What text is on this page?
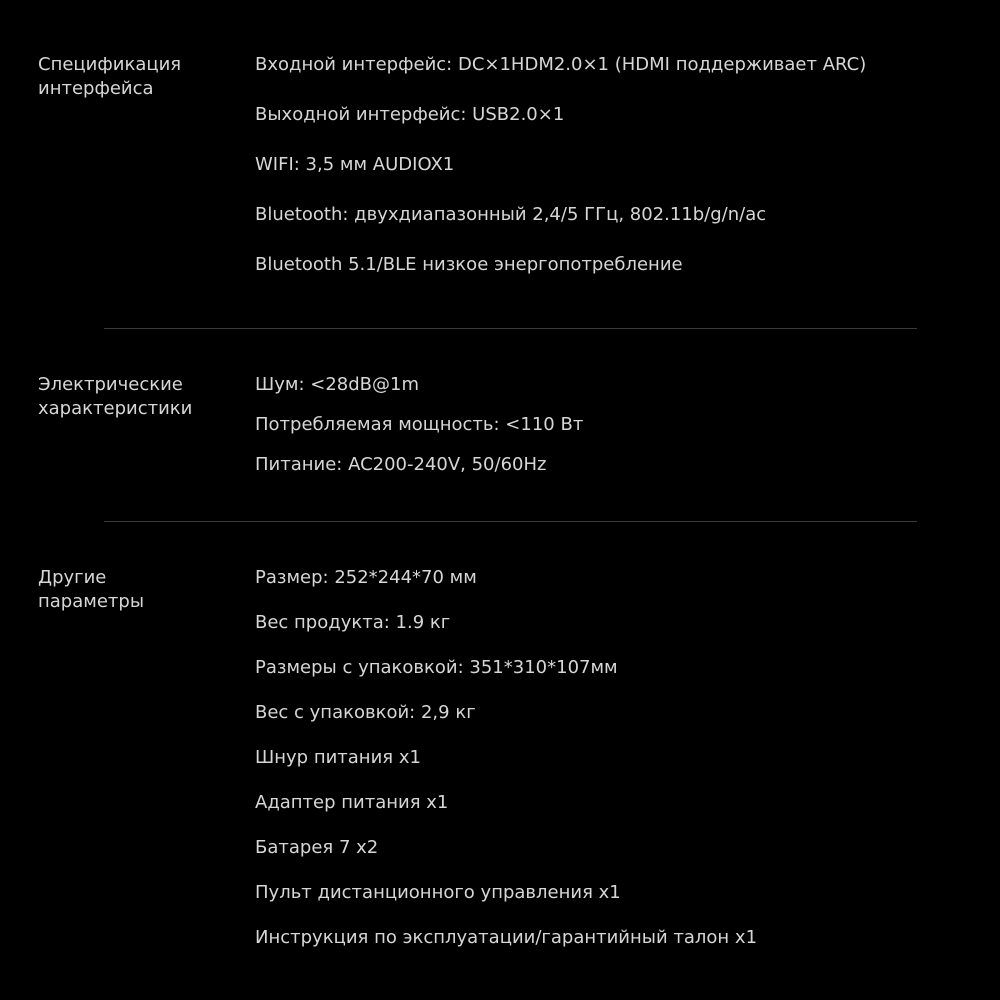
Спецификация
интерфейса
Входной интерфейс: DC×1HDM2.0×1 (HDMI поддерживает ARC)
Выходной интерфейс: USB2.0×1
WIFI: 3,5 мм AUDIOX1
Bluetooth: двухдиапазонный 2,4/5 ГГц, 802.11b/g/n/ac
Bluetooth 5.1/BLE низкое энергопотребление
Электрические
характеристики
Шум: <28dB@1m
Потребляемая мощность: <110 Вт
Питание: AC200-240V, 50/60Hz
Другие
параметры
Размер: 252*244*70 мм
Вес продукта: 1.9 кг
Размеры с упаковкой: 351*310*107мм
Вес с упаковкой: 2,9 кг
Шнур питания x1
Адаптер питания x1
Батарея 7 x2
Пульт дистанционного управления x1
Инструкция по эксплуатации/гарантийный талон x1
